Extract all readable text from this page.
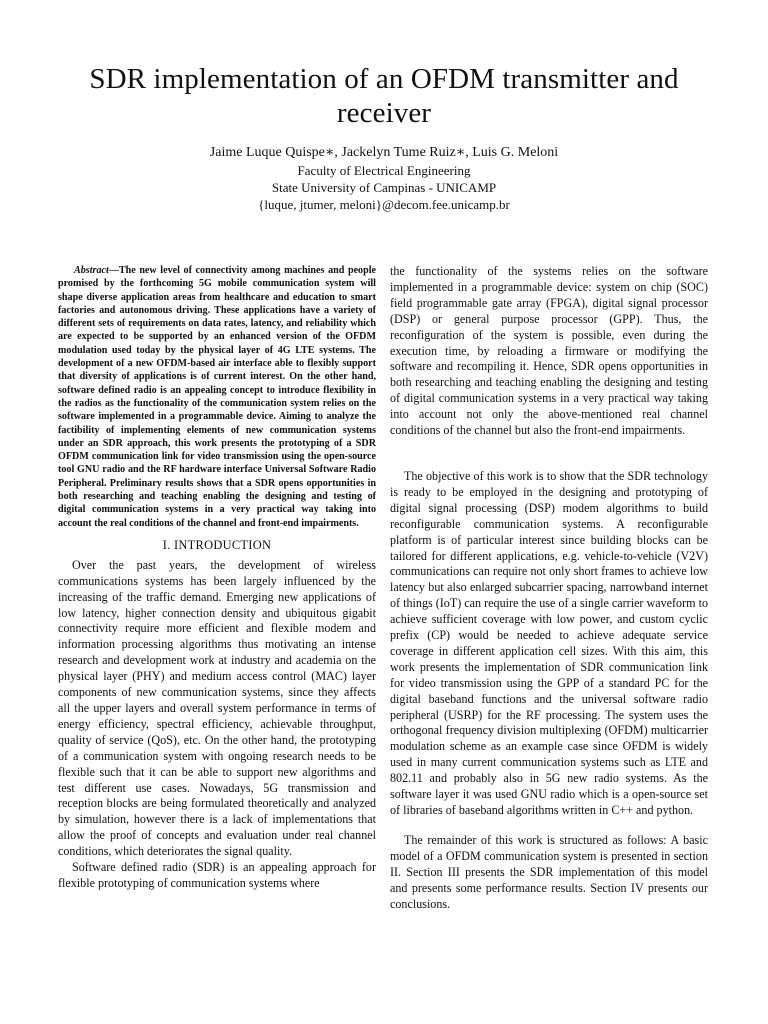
SDR implementation of an OFDM transmitter and receiver
Jaime Luque Quispe∗, Jackelyn Tume Ruiz∗, Luis G. Meloni
Faculty of Electrical Engineering
State University of Campinas - UNICAMP
{luque, jtumer, meloni}@decom.fee.unicamp.br

Abstract—The new level of connectivity among machines and people promised by the forthcoming 5G mobile communication system will shape diverse application areas from healthcare and education to smart factories and autonomous driving. These applications have a variety of different sets of requirements on data rates, latency, and reliability which are expected to be supported by an enhanced version of the OFDM modulation used today by the physical layer of 4G LTE systems. The development of a new OFDM-based air interface able to flexibly support that diversity of applications is of current interest. On the other hand, software defined radio is an appealing concept to introduce flexibility in the radios as the functionality of the communication system relies on the software implemented in a programmable device. Aiming to analyze the factibility of implementing elements of new communication systems under an SDR approach, this work presents the prototyping of a SDR OFDM communication link for video transmission using the open-source tool GNU radio and the RF hardware interface Universal Software Radio Peripheral. Preliminary results shows that a SDR opens opportunities in both researching and teaching enabling the designing and testing of digital communication systems in a very practical way taking into account the real conditions of the channel and front-end impairments.

I. INTRODUCTION

Over the past years, the development of wireless communications systems has been largely influenced by the increasing of the traffic demand. Emerging new applications of low latency, higher connection density and ubiquitous gigabit connectivity require more efficient and flexible modem and information processing algorithms thus motivating an intense research and development work at industry and academia on the physical layer (PHY) and medium access control (MAC) layer components of new communication systems, since they affects all the upper layers and overall system performance in terms of energy efficiency, spectral efficiency, achievable throughput, quality of service (QoS), etc. On the other hand, the prototyping of a communication system with ongoing research needs to be flexible such that it can be able to support new algorithms and test different use cases. Nowadays, 5G transmission and reception blocks are being formulated theoretically and analyzed by simulation, however there is a lack of implementations that allow the proof of concepts and evaluation under real channel conditions, which deteriorates the signal quality.

Software defined radio (SDR) is an appealing approach for flexible prototyping of communication systems where

the functionality of the systems relies on the software implemented in a programmable device: system on chip (SOC) field programmable gate array (FPGA), digital signal processor (DSP) or general purpose processor (GPP). Thus, the reconfiguration of the system is possible, even during the execution time, by reloading a firmware or modifying the software and recompiling it. Hence, SDR opens opportunities in both researching and teaching enabling the designing and testing of digital communication systems in a very practical way taking into account not only the above-mentioned real channel conditions of the channel but also the front-end impairments.

The objective of this work is to show that the SDR technology is ready to be employed in the designing and prototyping of digital signal processing (DSP) modem algorithms to build reconfigurable communication systems. A reconfigurable platform is of particular interest since building blocks can be tailored for different applications, e.g. vehicle-to-vehicle (V2V) communications can require not only short frames to achieve low latency but also enlarged subcarrier spacing, narrowband internet of things (IoT) can require the use of a single carrier waveform to achieve sufficient coverage with low power, and custom cyclic prefix (CP) would be needed to achieve adequate service coverage in different application cell sizes. With this aim, this work presents the implementation of SDR communication link for video transmission using the GPP of a standard PC for the digital baseband functions and the universal software radio peripheral (USRP) for the RF processing. The system uses the orthogonal frequency division multiplexing (OFDM) multicarrier modulation scheme as an example case since OFDM is widely used in many current communication systems such as LTE and 802.11 and probably also in 5G new radio systems. As the software layer it was used GNU radio which is a open-source set of libraries of baseband algorithms written in C++ and python.

The remainder of this work is structured as follows: A basic model of a OFDM communication system is presented in section II. Section III presents the SDR implementation of this model and presents some performance results. Section IV presents our conclusions.
